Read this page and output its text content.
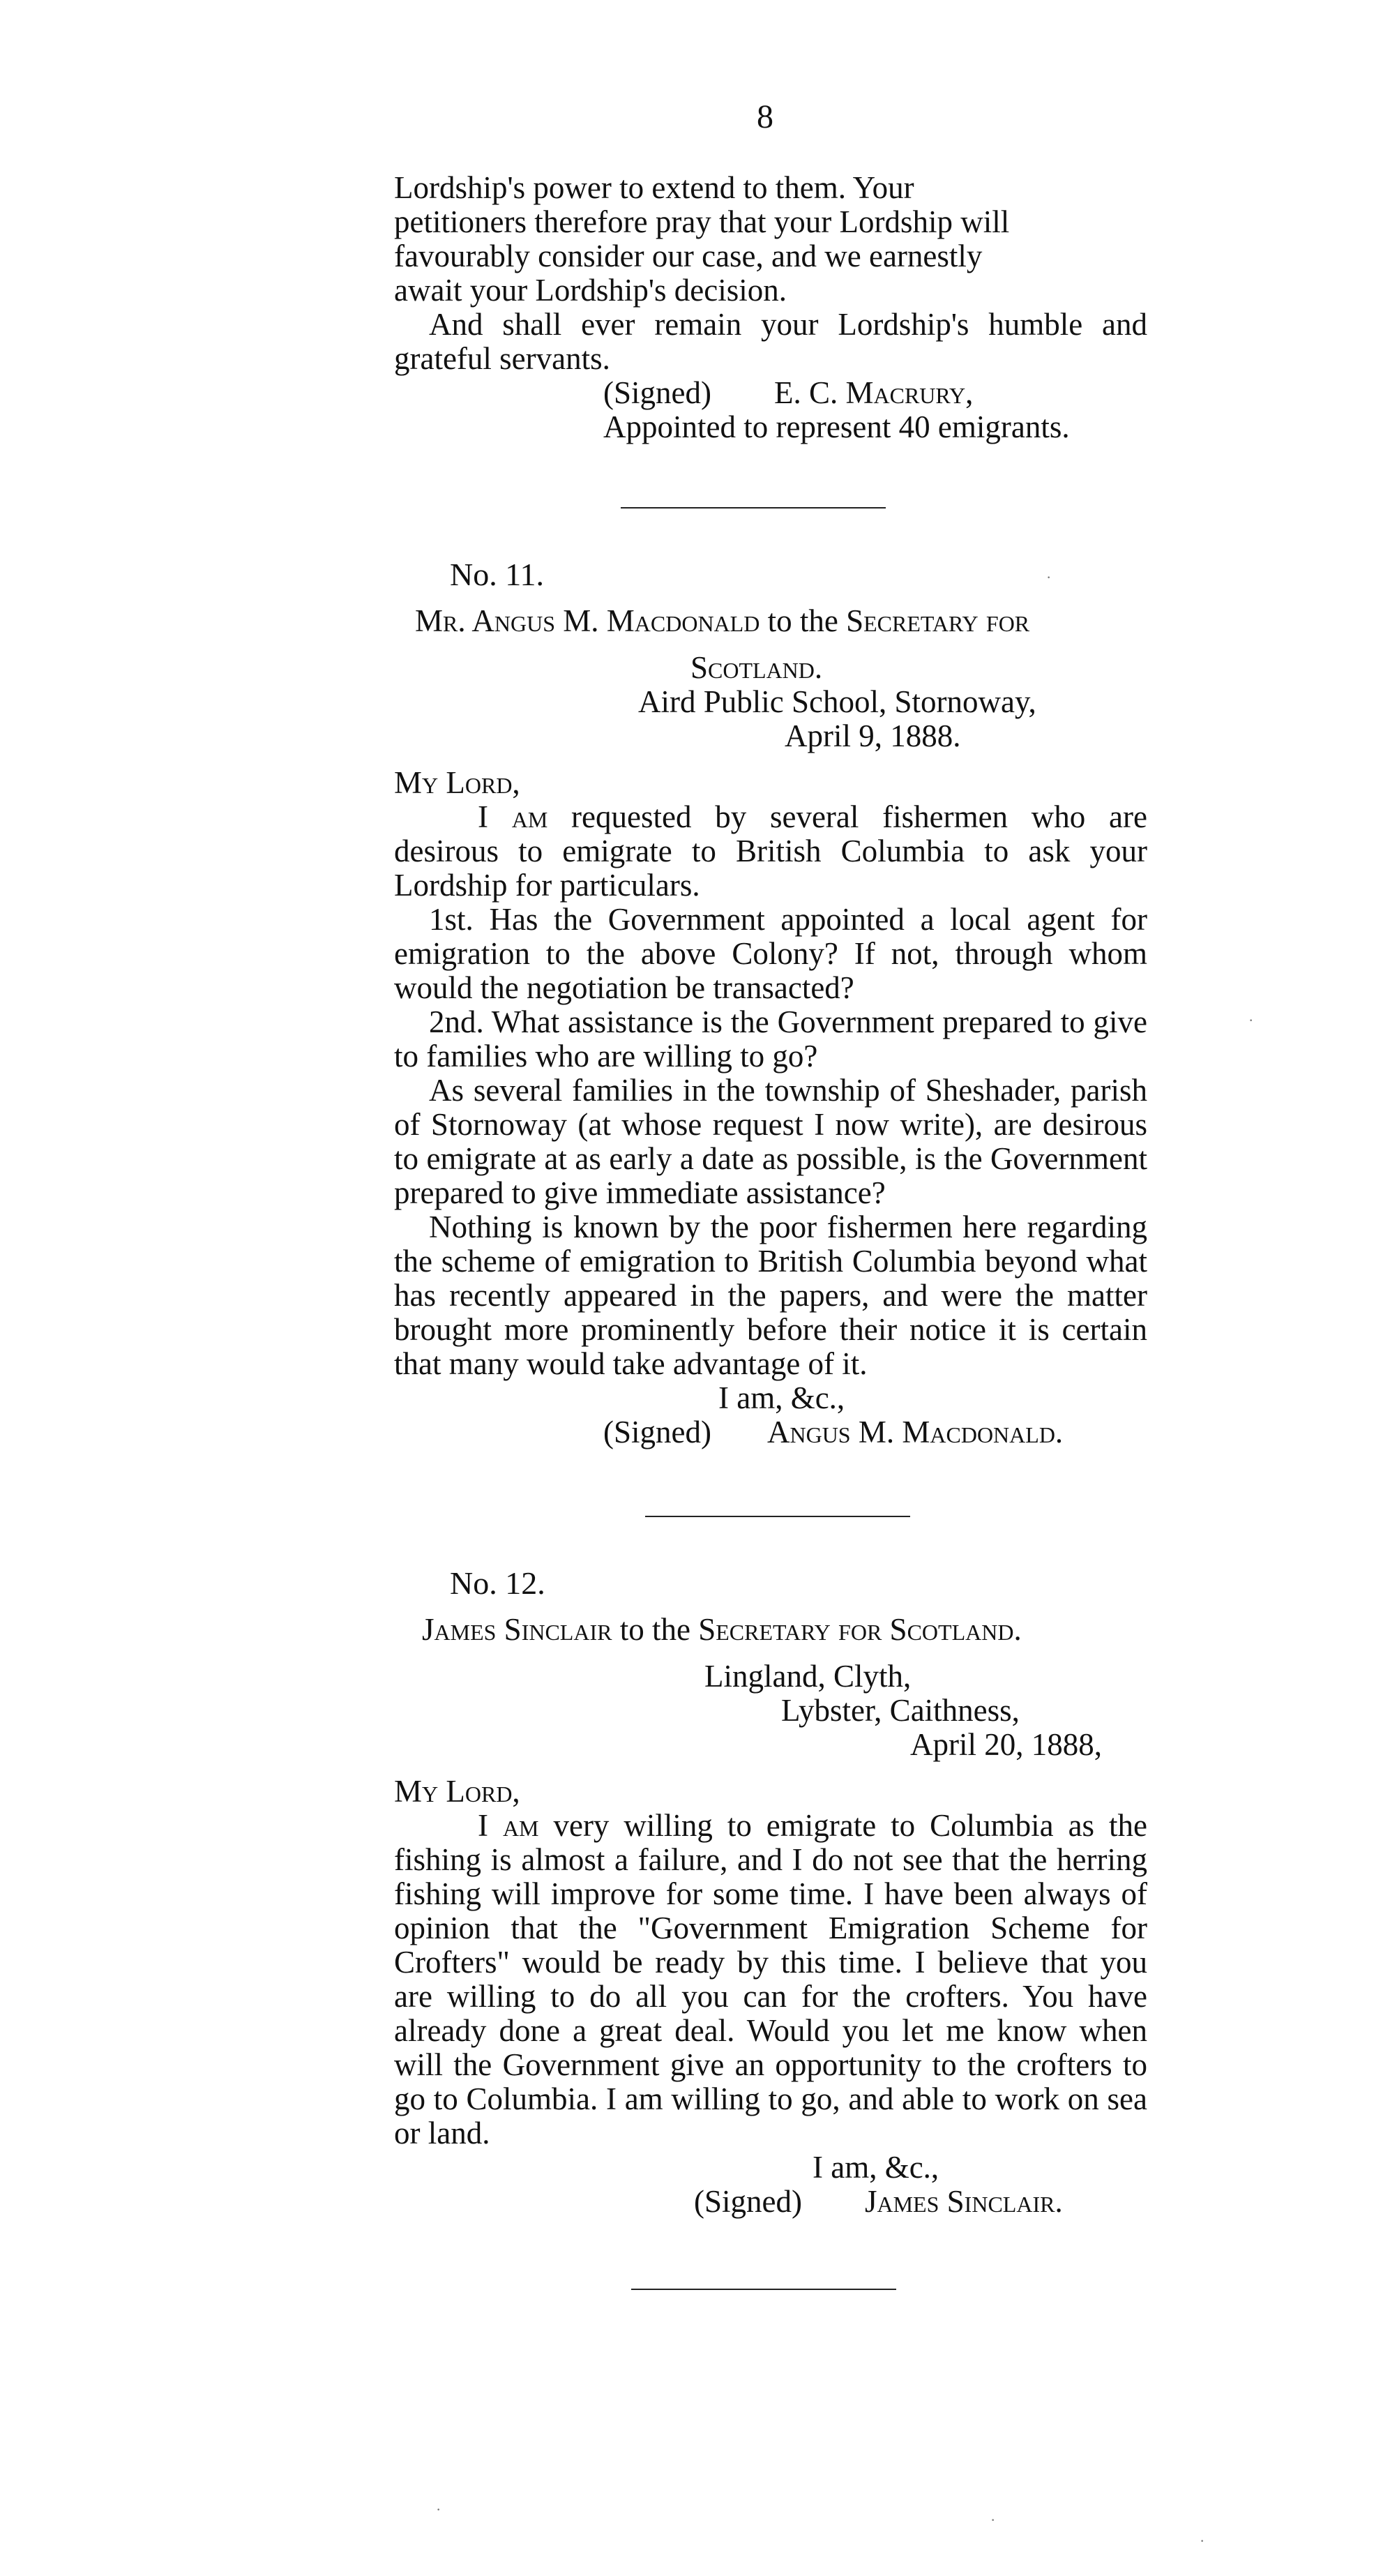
8

Lordship's power to extend to them. Your

petitioners therefore pray that your Lordship will

favourably consider our case, and we earnestly

await your Lordship's decision.

And shall ever remain your Lordship's humble and grateful servants.

(Signed) E. C. Macrury,

Appointed to represent 40 emigrants.

No. 11.

Mr. Angus M. Macdonald to the Secretary for

Scotland.

Aird Public School, Stornoway,

April 9, 1888.

My Lord,

I am requested by several fishermen who are desirous to emigrate to British Columbia to ask your Lordship for particulars.

1st. Has the Government appointed a local agent for emigration to the above Colony? If not, through whom would the negotiation be transacted?

2nd. What assistance is the Government prepared to give to families who are willing to go?

As several families in the township of Sheshader, parish of Stornoway (at whose request I now write), are desirous to emigrate at as early a date as possible, is the Government prepared to give immediate assistance?

Nothing is known by the poor fishermen here regarding the scheme of emigration to British Columbia beyond what has recently appeared in the papers, and were the matter brought more prominently before their notice it is certain that many would take advantage of it.

I am, &c.,

(Signed) Angus M. Macdonald.

No. 12.

James Sinclair to the Secretary for Scotland.

Lingland, Clyth,

Lybster, Caithness,

April 20, 1888,

My Lord,

I am very willing to emigrate to Columbia as the fishing is almost a failure, and I do not see that the herring fishing will improve for some time. I have been always of opinion that the "Government Emigration Scheme for Crofters" would be ready by this time. I believe that you are willing to do all you can for the crofters. You have already done a great deal. Would you let me know when will the Government give an opportunity to the crofters to go to Columbia. I am willing to go, and able to work on sea or land.

I am, &c.,

(Signed) James Sinclair.

·
·
·
·
·
